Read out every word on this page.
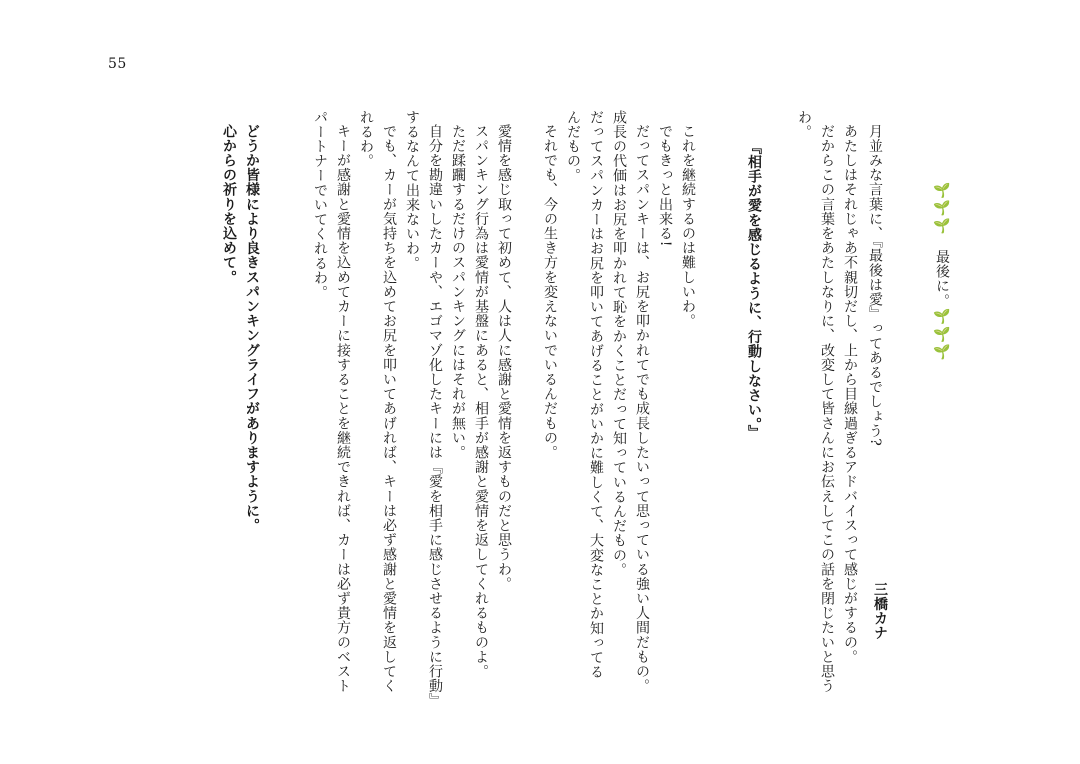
55
🌱🌱🌱　最後に。🌱🌱🌱
月並みな言葉に、『最後は愛』ってあるでしょう?
あたしはそれじゃあ不親切だし、上から目線過ぎるアドバイスって感じがするの。
だからこの言葉をあたしなりに、改変して皆さんにお伝えしてこの話を閉じたいと思う
わ。
『相手が愛を感じるように、行動しなさい。』
これを継続するのは難しいわ。
でもきっと出来る!
だってスパンキーは、お尻を叩かれてでも成長したいって思っている強い人間だもの。
成長の代価はお尻を叩かれて恥をかくことだって知っているんだもの。
だってスパンカーはお尻を叩いてあげることがいかに難しくて、大変なことか知ってる
んだもの。
それでも、今の生き方を変えないでいるんだもの。
愛情を感じ取って初めて、人は人に感謝と愛情を返すものだと思うわ。
スパンキング行為は愛情が基盤にあると、相手が感謝と愛情を返してくれるものよ。
ただ蹂躙するだけのスパンキングにはそれが無い。
自分を勘違いしたカーや、エゴマゾ化したキーには『愛を相手に感じさせるように行動』
するなんて出来ないわ。
でも、カーが気持ちを込めてお尻を叩いてあげれば、キーは必ず感謝と愛情を返してく
れるわ。
キーが感謝と愛情を込めてカーに接することを継続できれば、カーは必ず貴方のベスト
パートナーでいてくれるわ。
どうか皆様により良きスパンキングライフがありますように。
心からの祈りを込めて。
三橋カナ
